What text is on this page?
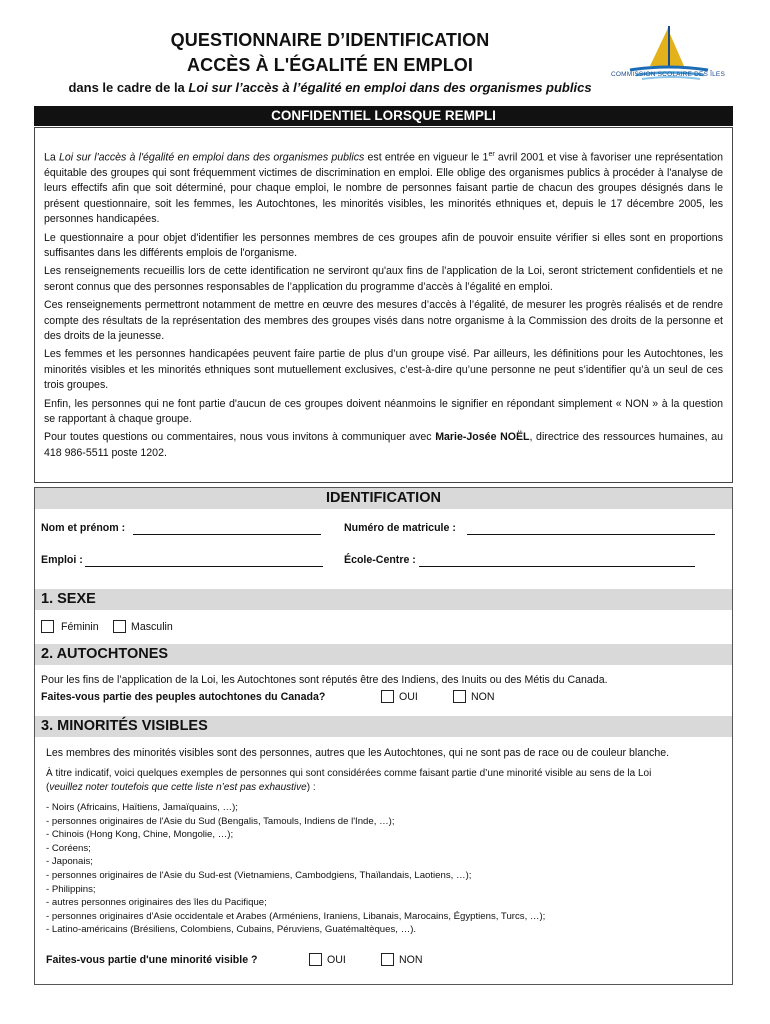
QUESTIONNAIRE D’IDENTIFICATION
ACCÈS À L'ÉGALITÉ EN EMPLOI
dans le cadre de la Loi sur l’accès à l’égalité en emploi dans des organismes publics
COMMISSION SCOLAIRE DES ÎLES
CONFIDENTIEL LORSQUE REMPLI

La Loi sur l'accès à l'égalité en emploi dans des organismes publics est entrée en vigueur le 1er avril 2001 et vise à favoriser une représentation équitable des groupes qui sont fréquemment victimes de discrimination en emploi. Elle oblige des organismes publics à procéder à l'analyse de leurs effectifs afin que soit déterminé, pour chaque emploi, le nombre de personnes faisant partie de chacun des groupes désignés dans le présent questionnaire, soit les femmes, les Autochtones, les minorités visibles, les minorités ethniques et, depuis le 17 décembre 2005, les personnes handicapées.

Le questionnaire a pour objet d'identifier les personnes membres de ces groupes afin de pouvoir ensuite vérifier si elles sont en proportions suffisantes dans les différents emplois de l'organisme.

Les renseignements recueillis lors de cette identification ne serviront qu'aux fins de l’application de la Loi, seront strictement confidentiels et ne seront connus que des personnes responsables de l’application du programme d’accès à l’égalité en emploi.

Ces renseignements permettront notamment de mettre en œuvre des mesures d’accès à l’égalité, de mesurer les progrès réalisés et de rendre compte des résultats de la représentation des membres des groupes visés dans notre organisme à la Commission des droits de la personne et des droits de la jeunesse.

Les femmes et les personnes handicapées peuvent faire partie de plus d’un groupe visé. Par ailleurs, les définitions pour les Autochtones, les minorités visibles et les minorités ethniques sont mutuellement exclusives, c’est-à-dire qu’une personne ne peut s’identifier qu’à un seul de ces trois groupes.

Enfin, les personnes qui ne font partie d'aucun de ces groupes doivent néanmoins le signifier en répondant simplement « NON » à la question se rapportant à chaque groupe.

Pour toutes questions ou commentaires, nous vous invitons à communiquer avec Marie-Josée NOËL, directrice des ressources humaines, au 418 986-5511 poste 1202.

IDENTIFICATION
Nom et prénom :	Numéro de matricule :
Emploi :	École-Centre :
1. SEXE
Féminin	Masculin
2. AUTOCHTONES
Pour les fins de l’application de la Loi, les Autochtones sont réputés être des Indiens, des Inuits ou des Métis du Canada.
Faites-vous partie des peuples autochtones du Canada?	OUI	NON
3. MINORITÉS VISIBLES
Les membres des minorités visibles sont des personnes, autres que les Autochtones, qui ne sont pas de race ou de couleur blanche.
À titre indicatif, voici quelques exemples de personnes qui sont considérées comme faisant partie d’une minorité visible au sens de la Loi
(veuillez noter toutefois que cette liste n’est pas exhaustive) :
- Noirs (Africains, Haïtiens, Jamaïquains, …);
- personnes originaires de l'Asie du Sud (Bengalis, Tamouls, Indiens de l'Inde, …);
- Chinois (Hong Kong, Chine, Mongolie, …);
- Coréens;
- Japonais;
- personnes originaires de l'Asie du Sud-est (Vietnamiens, Cambodgiens, Thaïlandais, Laotiens, …);
- Philippins;
- autres personnes originaires des îles du Pacifique;
- personnes originaires d'Asie occidentale et Arabes (Arméniens, Iraniens, Libanais, Marocains, Égyptiens, Turcs, …);
- Latino-américains (Brésiliens, Colombiens, Cubains, Péruviens, Guatémaltèques, …).
Faites-vous partie d'une minorité visible ?	OUI	NON
